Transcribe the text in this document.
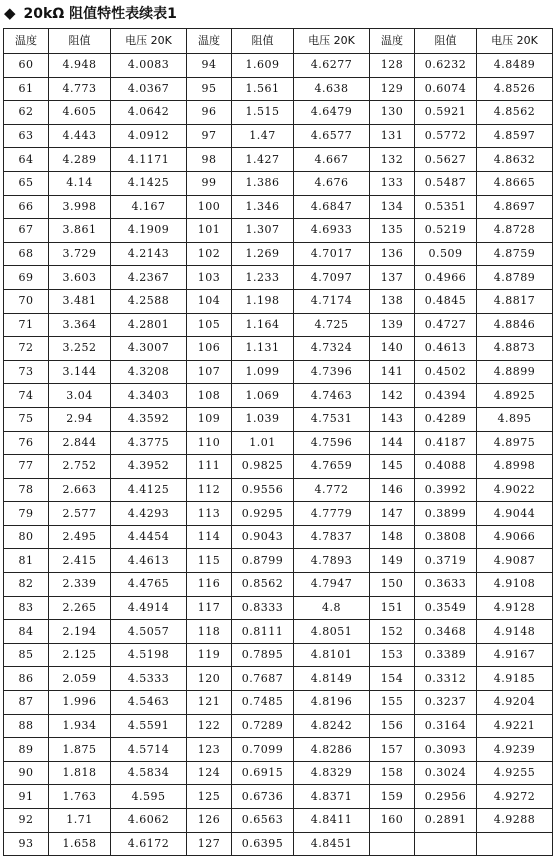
◆ 20kΩ 阻值特性表续表1
温度	阻值	电压 20K	温度	阻值	电压 20K	温度	阻值	电压 20K
60	4.948	4.0083	94	1.609	4.6277	128	0.6232	4.8489
61	4.773	4.0367	95	1.561	4.638	129	0.6074	4.8526
62	4.605	4.0642	96	1.515	4.6479	130	0.5921	4.8562
63	4.443	4.0912	97	1.47	4.6577	131	0.5772	4.8597
64	4.289	4.1171	98	1.427	4.667	132	0.5627	4.8632
65	4.14	4.1425	99	1.386	4.676	133	0.5487	4.8665
66	3.998	4.167	100	1.346	4.6847	134	0.5351	4.8697
67	3.861	4.1909	101	1.307	4.6933	135	0.5219	4.8728
68	3.729	4.2143	102	1.269	4.7017	136	0.509	4.8759
69	3.603	4.2367	103	1.233	4.7097	137	0.4966	4.8789
70	3.481	4.2588	104	1.198	4.7174	138	0.4845	4.8817
71	3.364	4.2801	105	1.164	4.725	139	0.4727	4.8846
72	3.252	4.3007	106	1.131	4.7324	140	0.4613	4.8873
73	3.144	4.3208	107	1.099	4.7396	141	0.4502	4.8899
74	3.04	4.3403	108	1.069	4.7463	142	0.4394	4.8925
75	2.94	4.3592	109	1.039	4.7531	143	0.4289	4.895
76	2.844	4.3775	110	1.01	4.7596	144	0.4187	4.8975
77	2.752	4.3952	111	0.9825	4.7659	145	0.4088	4.8998
78	2.663	4.4125	112	0.9556	4.772	146	0.3992	4.9022
79	2.577	4.4293	113	0.9295	4.7779	147	0.3899	4.9044
80	2.495	4.4454	114	0.9043	4.7837	148	0.3808	4.9066
81	2.415	4.4613	115	0.8799	4.7893	149	0.3719	4.9087
82	2.339	4.4765	116	0.8562	4.7947	150	0.3633	4.9108
83	2.265	4.4914	117	0.8333	4.8	151	0.3549	4.9128
84	2.194	4.5057	118	0.8111	4.8051	152	0.3468	4.9148
85	2.125	4.5198	119	0.7895	4.8101	153	0.3389	4.9167
86	2.059	4.5333	120	0.7687	4.8149	154	0.3312	4.9185
87	1.996	4.5463	121	0.7485	4.8196	155	0.3237	4.9204
88	1.934	4.5591	122	0.7289	4.8242	156	0.3164	4.9221
89	1.875	4.5714	123	0.7099	4.8286	157	0.3093	4.9239
90	1.818	4.5834	124	0.6915	4.8329	158	0.3024	4.9255
91	1.763	4.595	125	0.6736	4.8371	159	0.2956	4.9272
92	1.71	4.6062	126	0.6563	4.8411	160	0.2891	4.9288
93	1.658	4.6172	127	0.6395	4.8451			
